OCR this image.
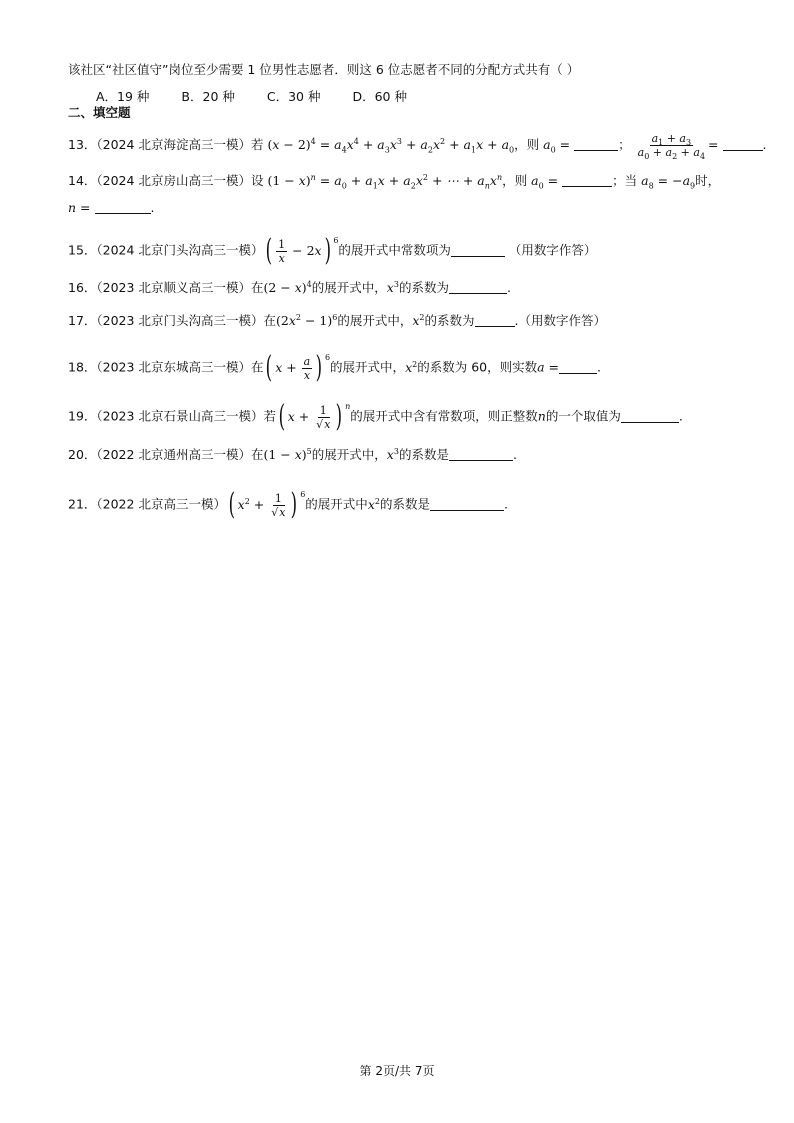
该社区“社区值守”岗位至少需要 1 位男性志愿者．则这 6 位志愿者不同的分配方式共有（ ）
A．19 种	B．20 种	C．30 种	D．60 种
二、填空题
13．（2024 北京海淀高三一模）若 $(x - 2)^4 = a_4x^4 + a_3x^3 + a_2x^2 + a_1x + a_0$，则 $a_0$ =	； $\frac{a_1 + a_3}{a_0 + a_2 + a_4}$ =	.
14．（2024 北京房山高三一模）设 $(1 - x)^n = a_0 + a_1x + a_2x^2$ + ⋯ + $a_nx^n$，则 $a_0$ =	；当 $a_8 = -a_9$时，
n =	.
15．（2024 北京门头沟高三一模）( $\frac{1}{x} - 2x$) $^6$的展开式中常数项为	（用数字作答）
16．（2023 北京顺义高三一模）在$(2 - x)^4$的展开式中，$x^3$的系数为	.
17．（2023 北京门头沟高三一模）在$(2x^2 - 1)^6$的展开式中，$x^2$的系数为	.（用数字作答）
18．（2023 北京东城高三一模）在( $x + \frac{a}{x}$ ) $^6$的展开式中，$x^2$的系数为 60，则实数a =	.
19．（2023 北京石景山高三一模）若( $x + \frac{1}{√x}$ ) $^n$的展开式中含有常数项，则正整数n的一个取值为	.
20．（2022 北京通州高三一模）在$(1 - x)^5$的展开式中，$x^3$的系数是	.
21．（2022 北京高三一模）( $x^2 + \frac{1}{√x}$ ) $^6$的展开式中$x^2$的系数是	.
第 2页/共 7页
